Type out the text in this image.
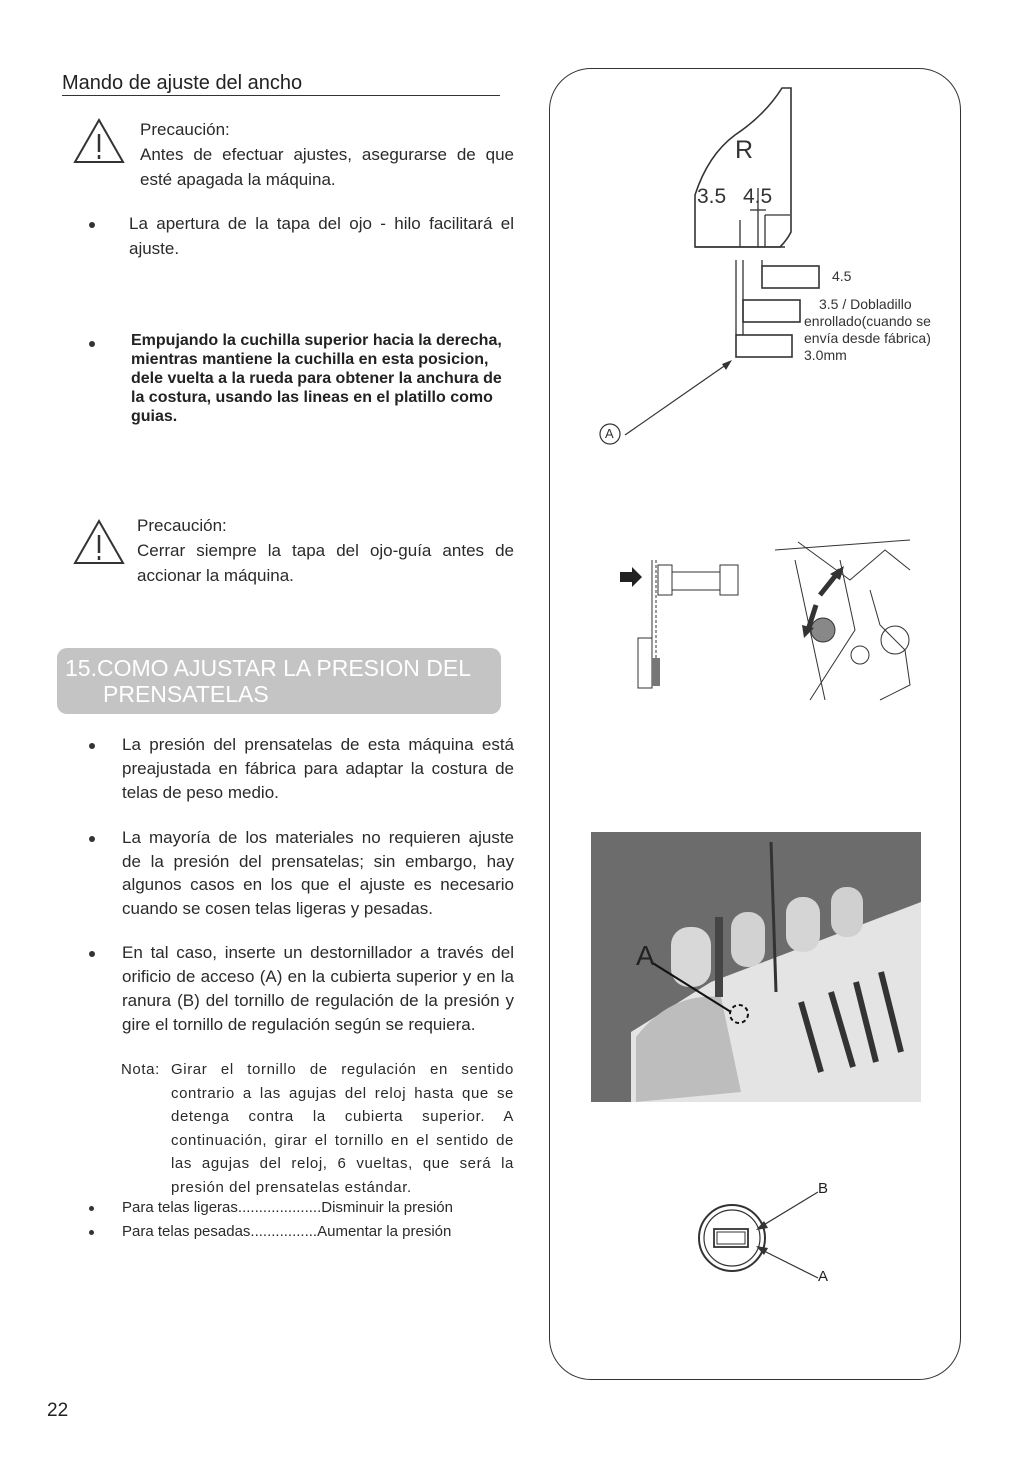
Mando de ajuste del ancho
Precaución:
Antes de efectuar ajustes, asegurarse de que esté apagada la máquina.
La apertura de la tapa del ojo - hilo facilitará el ajuste.
Empujando la cuchilla superior hacia la derecha, mientras mantiene la cuchilla en esta posicion, dele vuelta a la rueda para obtener la anchura de la costura, usando las lineas en el platillo como guias.
Precaución:
Cerrar siempre la tapa del ojo-guía antes de accionar la máquina.
15.COMO AJUSTAR LA PRESION DEL
PRENSATELAS
La presión del prensatelas de esta máquina está preajustada en fábrica para adaptar la costura de telas de peso medio.
La mayoría de los materiales no requieren ajuste de la presión del prensatelas; sin embargo, hay algunos casos en los que el ajuste es necesario cuando se cosen telas ligeras y pesadas.
En tal caso, inserte un destornillador a través del orificio de acceso (A) en la cubierta superior y en la ranura (B) del tornillo de regulación de la presión y gire el tornillo de regulación según se requiera.
Nota: Girar el tornillo de regulación en sentido contrario a las agujas del reloj hasta que se detenga contra la cubierta superior. A continuación, girar el tornillo en el sentido de las agujas del reloj, 6 vueltas, que será la presión del prensatelas estándar.
Para telas ligeras....................Disminuir la presión
Para telas pesadas................Aumentar la presión
R
3.5 4.5
4.5
3.5 / Dobladillo
enrollado(cuando se
envía desde fábrica)
3.0mm
A
A
B
A
22
